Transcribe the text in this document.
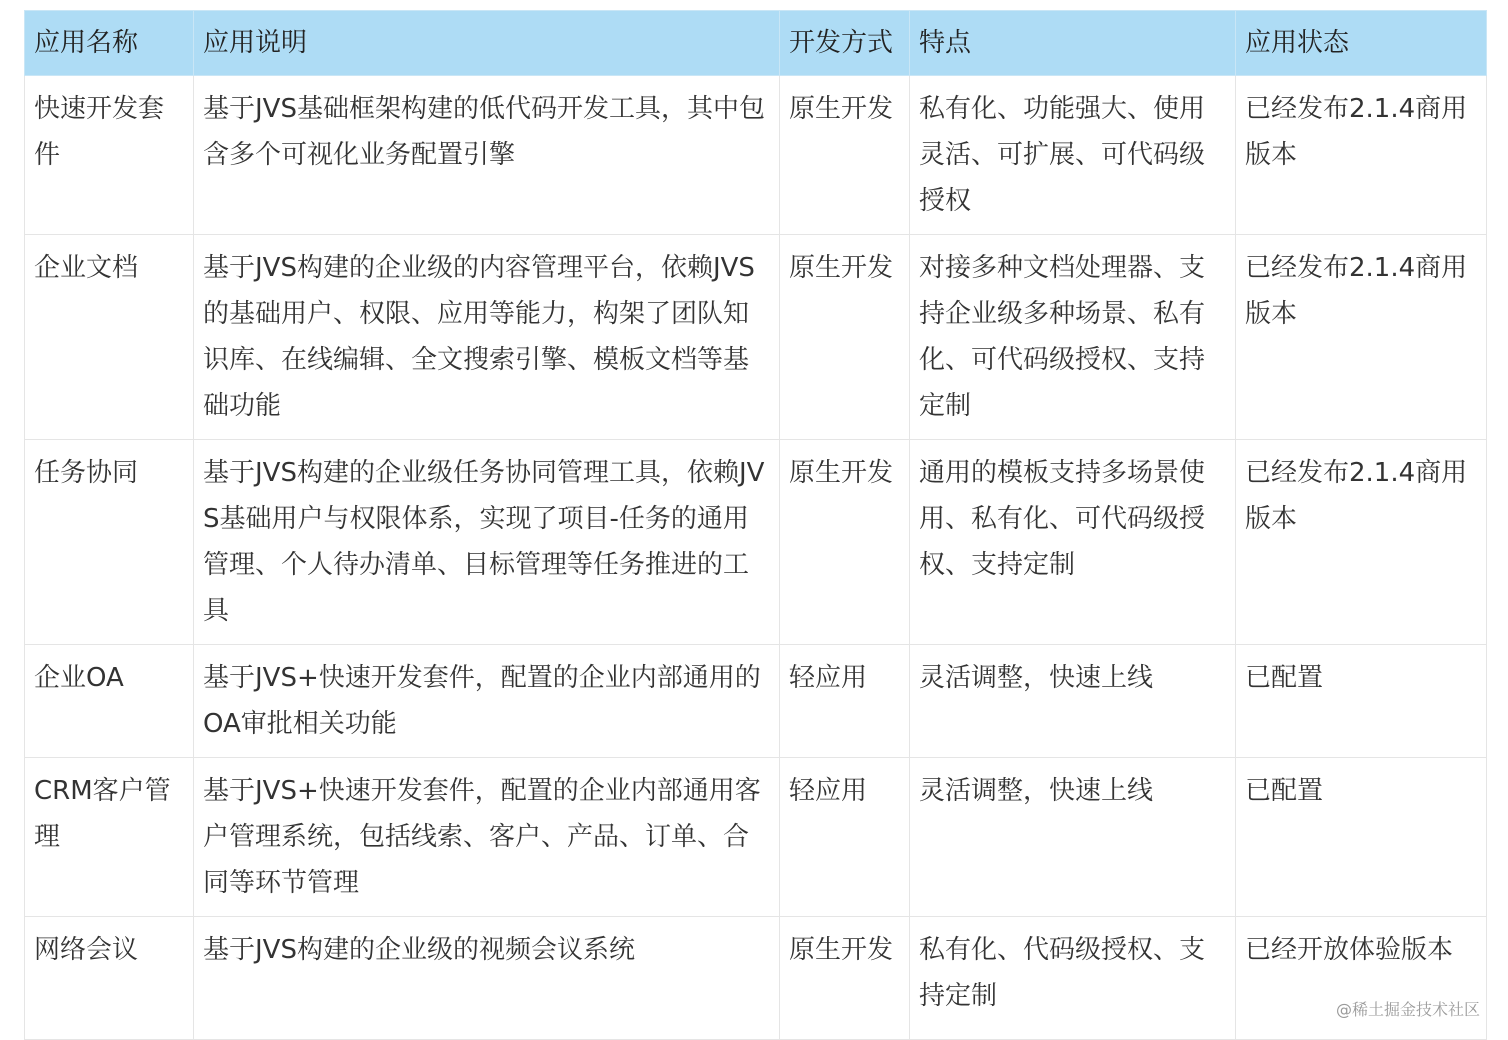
应用名称	应用说明	开发方式	特点	应用状态
快速开发套件	基于JVS基础框架构建的低代码开发工具，其中包含多个可视化业务配置引擎	原生开发	私有化、功能强大、使用灵活、可扩展、可代码级授权	已经发布2.1.4商用版本
企业文档	基于JVS构建的企业级的内容管理平台，依赖JVS的基础用户、权限、应用等能力，构架了团队知识库、在线编辑、全文搜索引擎、模板文档等基础功能	原生开发	对接多种文档处理器、支持企业级多种场景、私有化、可代码级授权、支持定制	已经发布2.1.4商用版本
任务协同	基于JVS构建的企业级任务协同管理工具，依赖JVS基础用户与权限体系，实现了项目-任务的通用管理、个人待办清单、目标管理等任务推进的工具	原生开发	通用的模板支持多场景使用、私有化、可代码级授权、支持定制	已经发布2.1.4商用版本
企业OA	基于JVS+快速开发套件，配置的企业内部通用的OA审批相关功能	轻应用	灵活调整，快速上线	已配置
CRM客户管理	基于JVS+快速开发套件，配置的企业内部通用客户管理系统，包括线索、客户、产品、订单、合同等环节管理	轻应用	灵活调整，快速上线	已配置
网络会议	基于JVS构建的企业级的视频会议系统	原生开发	私有化、代码级授权、支持定制	已经开放体验版本
@稀土掘金技术社区
